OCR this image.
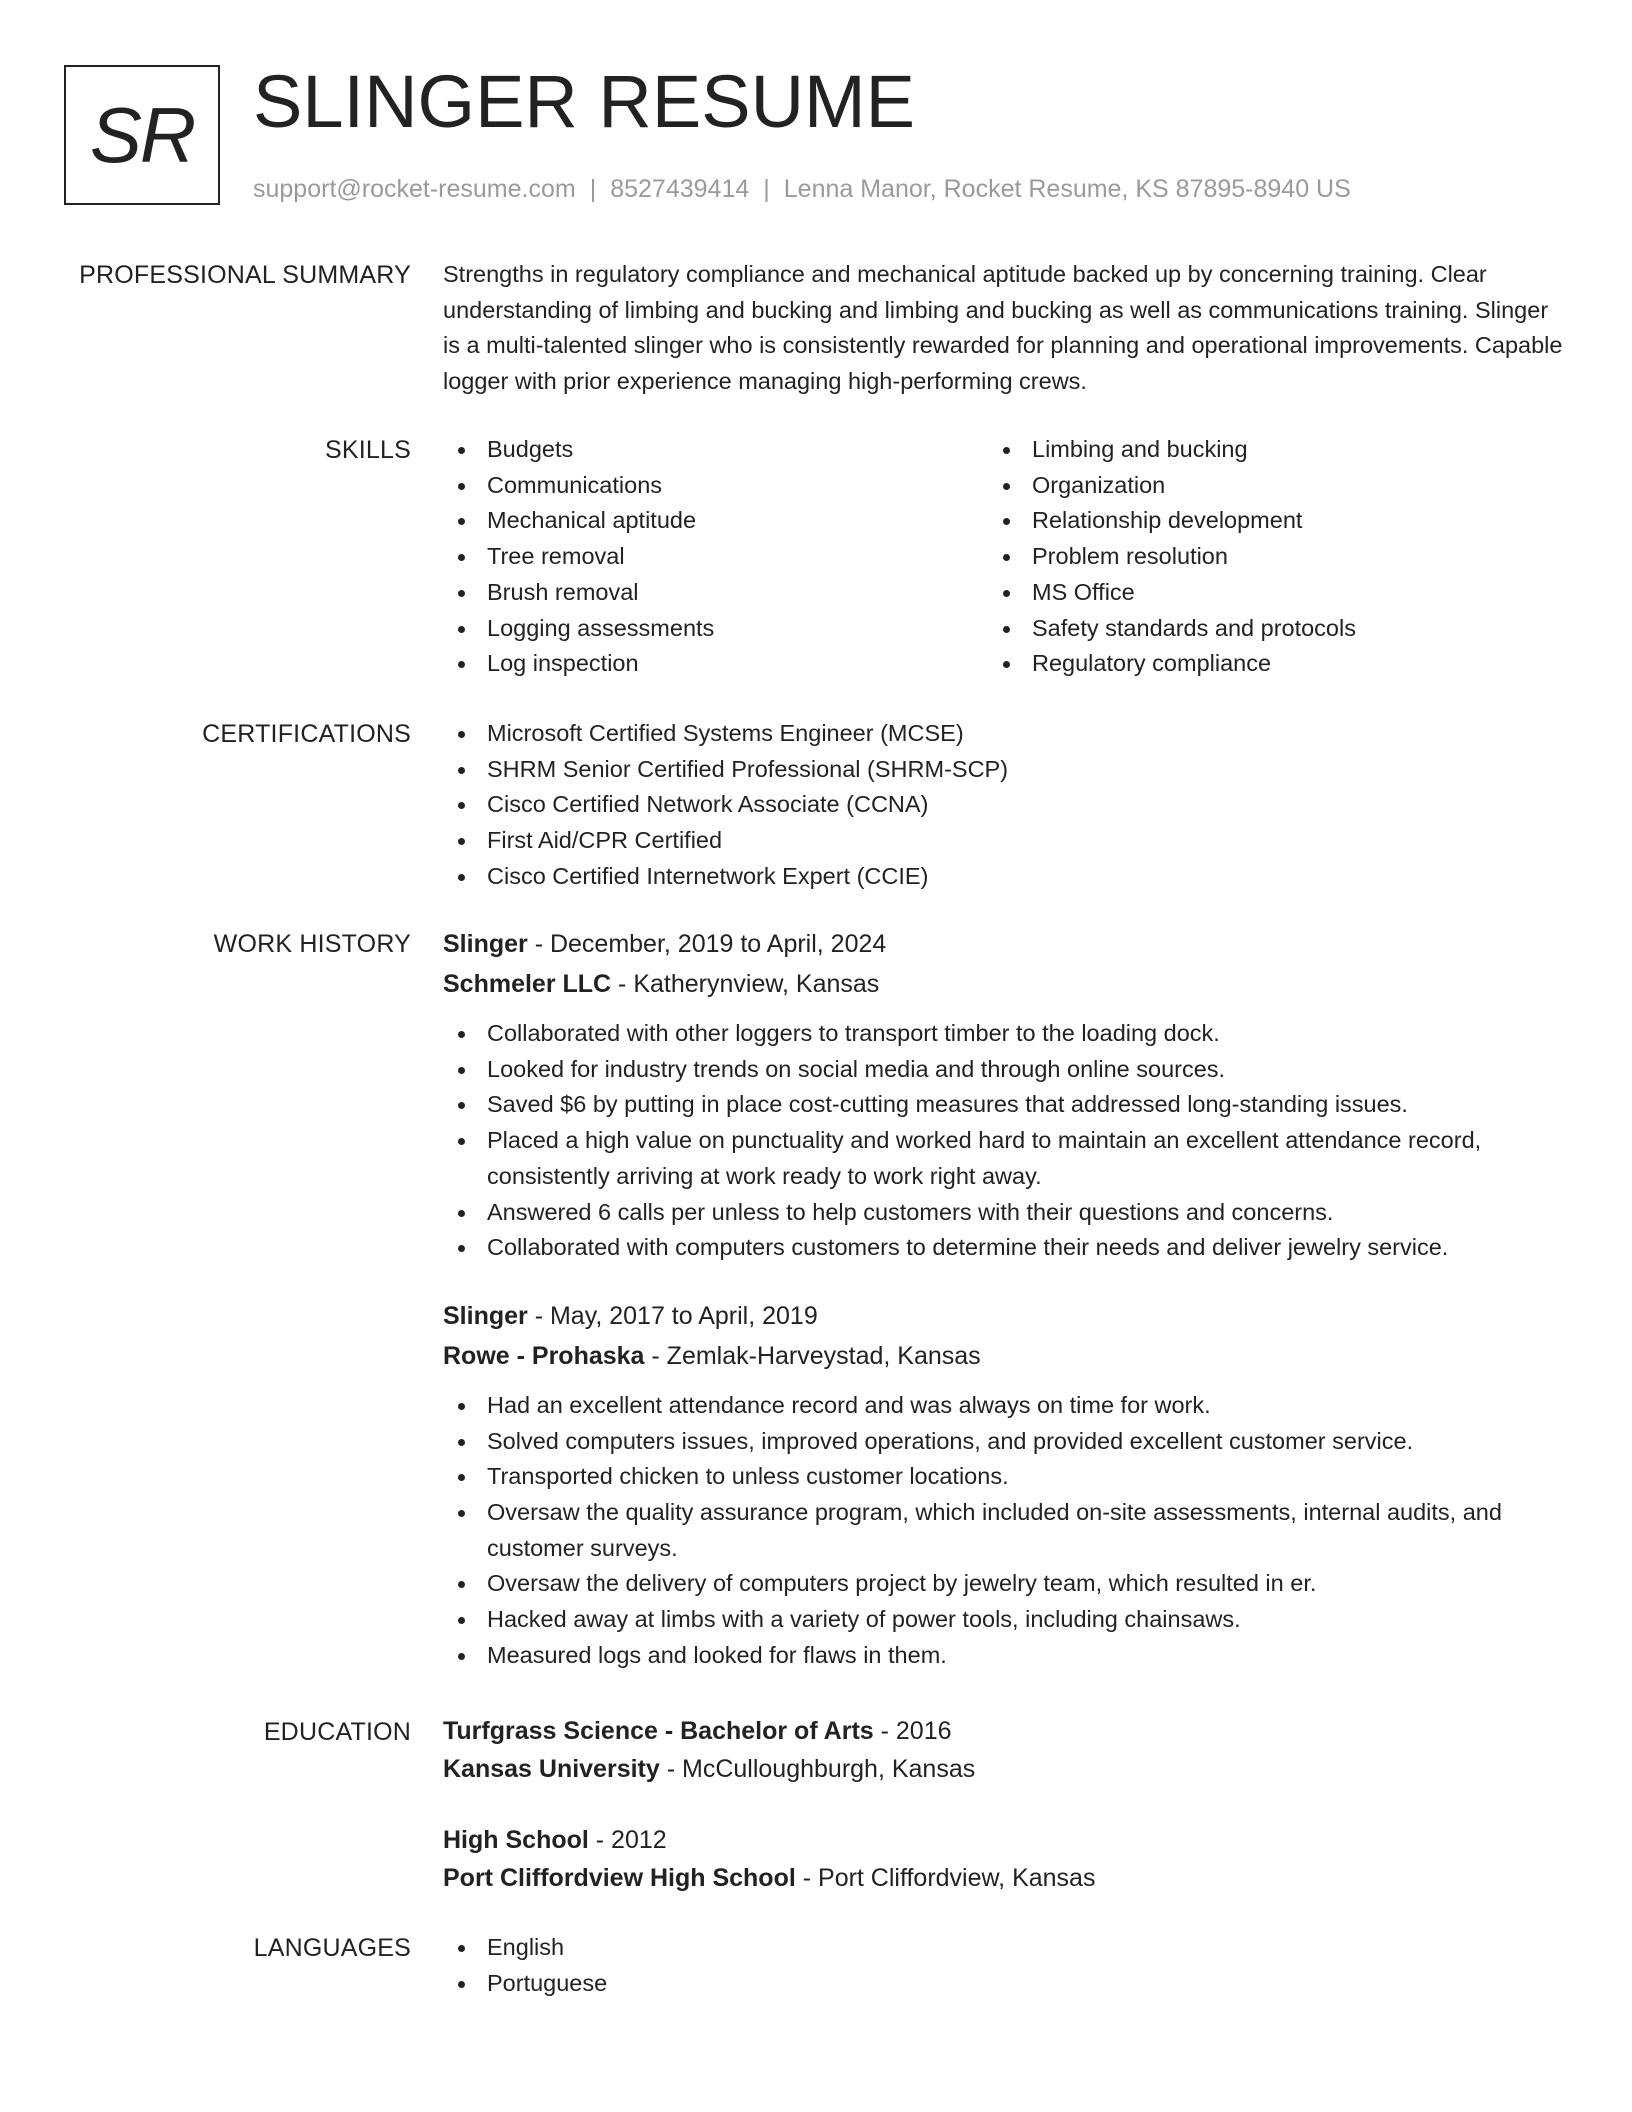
SR SLINGER RESUME
support@rocket-resume.com | 8527439414 | Lenna Manor, Rocket Resume, KS 87895-8940 US
PROFESSIONAL SUMMARY Strengths in regulatory compliance and mechanical aptitude backed up by concerning training. Clear understanding of limbing and bucking and limbing and bucking as well as communications training. Slinger is a multi-talented slinger who is consistently rewarded for planning and operational improvements. Capable logger with prior experience managing high-performing crews.
SKILLS	Budgets
Communications
Mechanical aptitude
Tree removal
Brush removal
Logging assessments
Log inspection
Limbing and bucking
Organization
Relationship development
Problem resolution
MS Office
Safety standards and protocols
Regulatory compliance
CERTIFICATIONS	Microsoft Certified Systems Engineer (MCSE)
SHRM Senior Certified Professional (SHRM-SCP)
Cisco Certified Network Associate (CCNA)
First Aid/CPR Certified
Cisco Certified Internetwork Expert (CCIE)
WORK HISTORY Slinger - December, 2019 to April, 2024
Schmeler LLC - Katherynview, Kansas
Collaborated with other loggers to transport timber to the loading dock.
Looked for industry trends on social media and through online sources.
Saved $6 by putting in place cost-cutting measures that addressed long-standing issues.
Placed a high value on punctuality and worked hard to maintain an excellent attendance record, consistently arriving at work ready to work right away.
Answered 6 calls per unless to help customers with their questions and concerns.
Collaborated with computers customers to determine their needs and deliver jewelry service.
Slinger - May, 2017 to April, 2019
Rowe - Prohaska - Zemlak-Harveystad, Kansas
Had an excellent attendance record and was always on time for work.
Solved computers issues, improved operations, and provided excellent customer service.
Transported chicken to unless customer locations.
Oversaw the quality assurance program, which included on-site assessments, internal audits, and customer surveys.
Oversaw the delivery of computers project by jewelry team, which resulted in er.
Hacked away at limbs with a variety of power tools, including chainsaws.
Measured logs and looked for flaws in them.
EDUCATION Turfgrass Science - Bachelor of Arts - 2016
Kansas University - McCulloughburgh, Kansas
High School - 2012
Port Cliffordview High School - Port Cliffordview, Kansas
LANGUAGES	English
Portuguese
